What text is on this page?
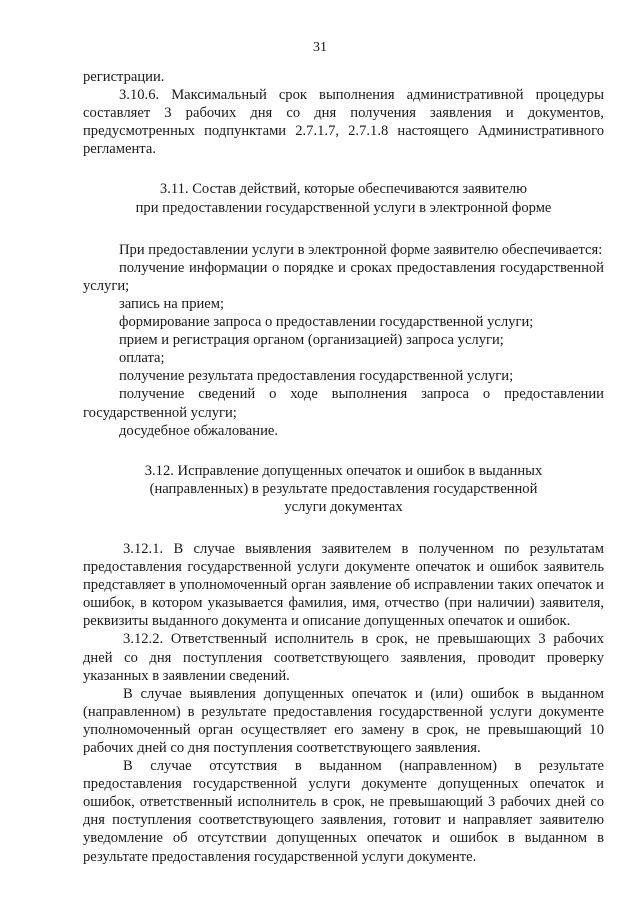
31

регистрации.

3.10.6. Максимальный срок выполнения административной процедуры составляет 3 рабочих дня со дня получения заявления и документов, предусмотренных подпунктами 2.7.1.7, 2.7.1.8 настоящего Административного регламента.

3.11. Состав действий, которые обеспечиваются заявителю

при предоставлении государственной услуги в электронной форме

При предоставлении услуги в электронной форме заявителю обеспечивается:

получение информации о порядке и сроках предоставления государственной услуги;

запись на прием;

формирование запроса о предоставлении государственной услуги;

прием и регистрация органом (организацией) запроса услуги;

оплата;

получение результата предоставления государственной услуги;

получение сведений о ходе выполнения запроса о предоставлении государственной услуги;

досудебное обжалование.

3.12. Исправление допущенных опечаток и ошибок в выданных

(направленных) в результате предоставления государственной

услуги документах

3.12.1. В случае выявления заявителем в полученном по результатам предоставления государственной услуги документе опечаток и ошибок заявитель представляет в уполномоченный орган заявление об исправлении таких опечаток и ошибок, в котором указывается фамилия, имя, отчество (при наличии) заявителя, реквизиты выданного документа и описание допущенных опечаток и ошибок.

3.12.2. Ответственный исполнитель в срок, не превышающих 3 рабочих дней со дня поступления соответствующего заявления, проводит проверку указанных в заявлении сведений.

В случае выявления допущенных опечаток и (или) ошибок в выданном (направленном) в результате предоставления государственной услуги документе уполномоченный орган осуществляет его замену в срок, не превышающий 10 рабочих дней со дня поступления соответствующего заявления.

В случае отсутствия в выданном (направленном) в результате предоставления государственной услуги документе допущенных опечаток и ошибок, ответственный исполнитель в срок, не превышающий 3 рабочих дней со дня поступления соответствующего заявления, готовит и направляет заявителю уведомление об отсутствии допущенных опечаток и ошибок в выданном в результате предоставления государственной услуги документе.
